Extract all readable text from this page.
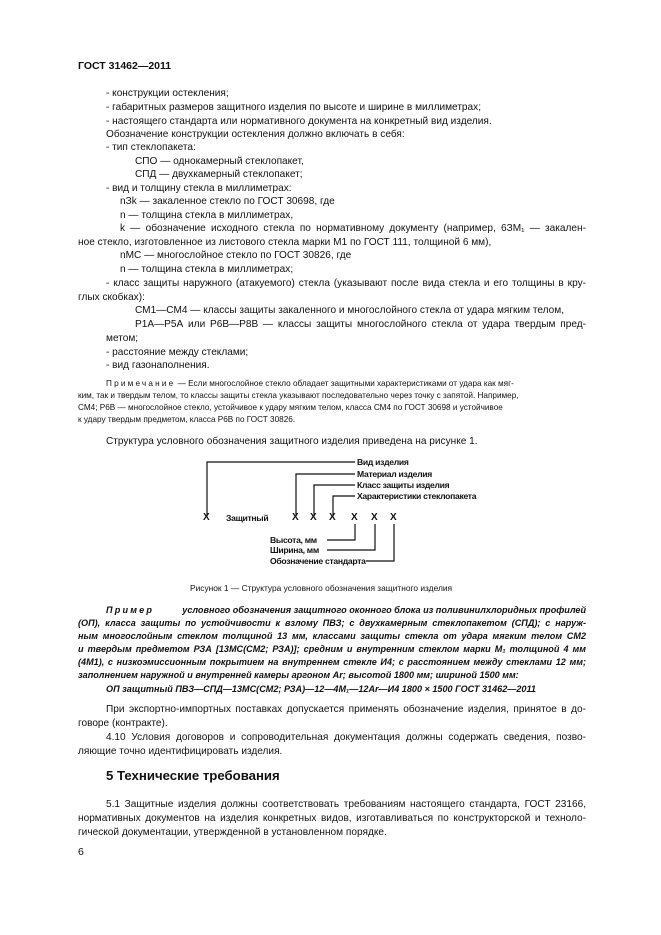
ГОСТ 31462—2011
- конструкции остекления;
- габаритных размеров защитного изделия по высоте и ширине в миллиметрах;
- настоящего стандарта или нормативного документа на конкретный вид изделия.
Обозначение конструкции остекления должно включать в себя:
- тип стеклопакета:
СПО — однокамерный стеклопакет,
СПД — двухкамерный стеклопакет;
- вид и толщину стекла в миллиметрах:
nЗk — закаленное стекло по ГОСТ 30698, где
n — толщина стекла в миллиметрах,
k — обозначение исходного стекла по нормативному документу (например, 6ЗМ₁ — закален-
ное стекло, изготовленное из листового стекла марки М1 по ГОСТ 111, толщиной 6 мм),
nМС — многослойное стекло по ГОСТ 30826, где
n — толщина стекла в миллиметрах;
- класс защиты наружного (атакуемого) стекла (указывают после вида стекла и его толщины в кру-
глых скобках):
СМ1—СМ4 — классы защиты закаленного и многослойного стекла от удара мягким телом,
Р1А—Р5А или Р6В—Р8В — классы защиты многослойного стекла от удара твердым пред-
метом;
- расстояние между стеклами;
- вид газонаполнения.
Примечание — Если многослойное стекло обладает защитными характеристиками от удара как мяг-
ким, так и твердым телом, то классы защиты стекла указывают последовательно через точку с запятой. Например,
СМ4; Р6В — многослойное стекло, устойчивое к удару мягким телом, класса СМ4 по ГОСТ 30698 и устойчивое
к удару твердым предметом, класса Р6В по ГОСТ 30826.
Структура условного обозначения защитного изделия приведена на рисунке 1.
Вид изделия
Материал изделия
Класс защиты изделия
Характеристики стеклопакета
X Защитный X X X X X X
Высота, мм
Ширина, мм
Обозначение стандарта
Рисунок 1 — Структура условного обозначения защитного изделия
Пример	условного обозначения защитного оконного блока из поливинилхлоридных профилей
(ОП), класса защиты по устойчивости к взлому ПВЗ; с двухкамерным стеклопакетом (СПД); с наруж-
ным многослойным стеклом толщиной 13 мм, классами защиты стекла от удара мягким телом СМ2
и твердым предметом РЗА [13МС(СМ2; РЗА)]; средним и внутренним стеклом марки М₁ толщиной 4 мм
(4М1), с низкоэмиссионным покрытием на внутреннем стекле И4; с расстоянием между стеклами 12 мм;
заполнением наружной и внутренней камеры аргоном Аr; высотой 1800 мм; шириной 1500 мм:
ОП защитный ПВЗ—СПД—13МС(СМ2; РЗА)—12—4М₁—12Аr—И4 1800 × 1500 ГОСТ 31462—2011
При экспортно-импортных поставках допускается применять обозначение изделия, принятое в до-
говоре (контракте).
4.10 Условия договоров и сопроводительная документация должны содержать сведения, позво-
ляющие точно идентифицировать изделия.
5 Технические требования
5.1 Защитные изделия должны соответствовать требованиям настоящего стандарта, ГОСТ 23166,
нормативных документов на изделия конкретных видов, изготавливаться по конструкторской и техноло-
гической документации, утвержденной в установленном порядке.
6
